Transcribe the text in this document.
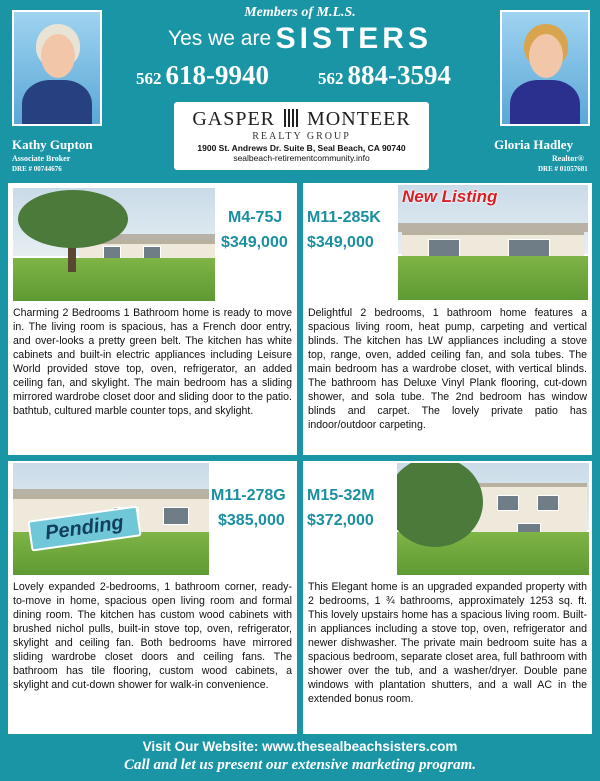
Members of M.L.S.
Kathy Gupton
Associate Broker
DRE # 00744676
Gloria Hadley
Realtor®
DRE # 01057681
Yes we are SISTERS
562 618-9940	562 884-3594
GASPER MONTEER
REALTY GROUP
1900 St. Andrews Dr. Suite B, Seal Beach, CA 90740
sealbeach-retirementcommunity.info
M4-75J
$349,000

Charming 2 Bedrooms 1 Bathroom home is ready to move in. The living room is spacious, has a French door entry, and over-looks a pretty green belt. The kitchen has white cabinets and built-in electric appliances including Leisure World provided stove top, oven, refrigerator, an added ceiling fan, and skylight. The main bedroom has a sliding mirrored wardrobe closet door and sliding door to the patio. bathtub, cultured marble counter tops, and skylight.

M11-285K
$349,000
New Listing

Delightful 2 bedrooms, 1 bathroom home features a spacious living room, heat pump, carpeting and vertical blinds. The kitchen has LW appliances including a stove top, range, oven, added ceiling fan, and sola tubes. The main bedroom has a wardrobe closet, with vertical blinds. The bathroom has Deluxe Vinyl Plank flooring, cut-down shower, and sola tube. The 2nd bedroom has window blinds and carpet. The lovely private patio has indoor/outdoor carpeting.

Pending
M11-278G
$385,000

Lovely expanded 2-bedrooms, 1 bathroom corner, ready-to-move in home, spacious open living room and formal dining room. The kitchen has custom wood cabinets with brushed nichol pulls, built-in stove top, oven, refrigerator, skylight and ceiling fan. Both bedrooms have mirrored sliding wardrobe closet doors and ceiling fans. The bathroom has tile flooring, custom wood cabinets, a skylight and cut-down shower for walk-in convenience.

M15-32M
$372,000

This Elegant home is an upgraded expanded property with 2 bedrooms, 1 ¾ bathrooms, approximately 1253 sq. ft. This lovely upstairs home has a spacious living room. Built-in appliances including a stove top, oven, refrigerator and newer dishwasher. The private main bedroom suite has a spacious bedroom, separate closet area, full bathroom with shower over the tub, and a washer/dryer. Double pane windows with plantation shutters, and a wall AC in the extended bonus room.

Visit Our Website: www.thesealbeachsisters.com
Call and let us present our extensive marketing program.
